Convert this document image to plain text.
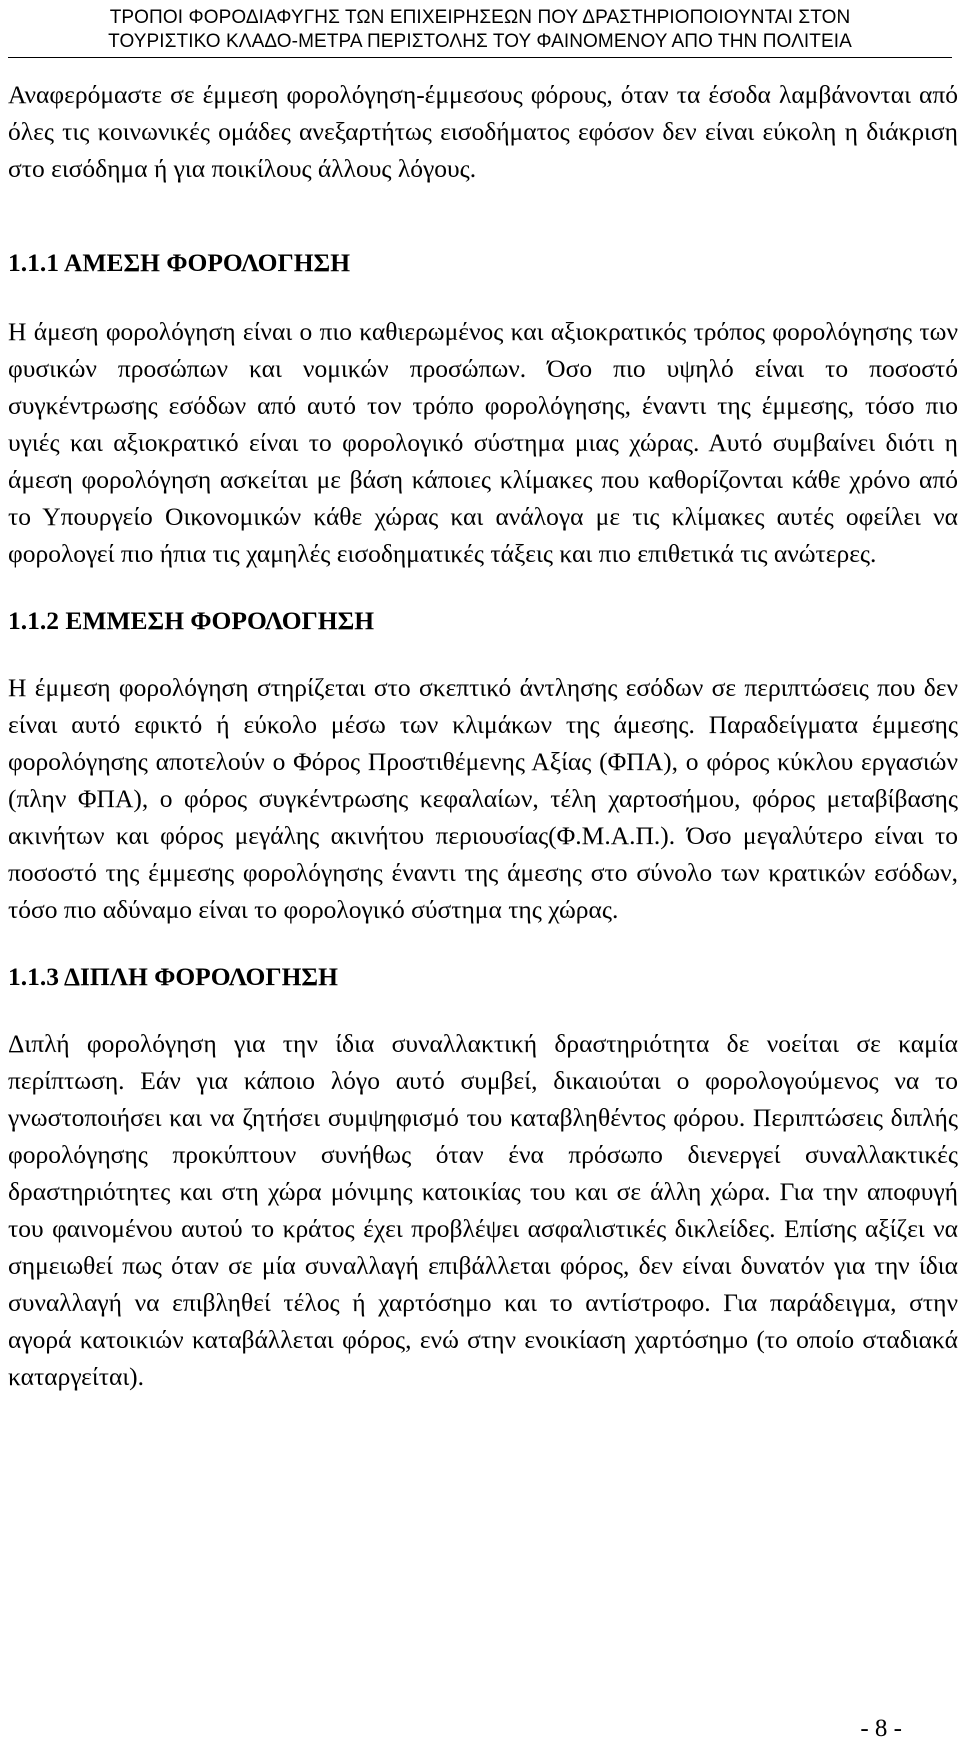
ΤΡΟΠΟΙ ΦΟΡΟΔΙΑΦΥΓΗΣ ΤΩΝ ΕΠΙΧΕΙΡΗΣΕΩΝ ΠΟΥ ΔΡΑΣΤΗΡΙΟΠΟΙΟΥΝΤΑΙ ΣΤΟΝ
ΤΟΥΡΙΣΤΙΚΟ ΚΛΑΔΟ-ΜΕΤΡΑ ΠΕΡΙΣΤΟΛΗΣ ΤΟΥ ΦΑΙΝΟΜΕΝΟΥ ΑΠΟ ΤΗΝ ΠΟΛΙΤΕΙΑ

Αναφερόμαστε σε έμμεση φορολόγηση-έμμεσους φόρους, όταν τα έσοδα λαμβάνονται από όλες τις κοινωνικές ομάδες ανεξαρτήτως εισοδήματος εφόσον δεν είναι εύκολη η διάκριση στο εισόδημα ή για ποικίλους άλλους λόγους.

1.1.1 ΑΜΕΣΗ ΦΟΡΟΛΟΓΗΣΗ

Η άμεση φορολόγηση είναι ο πιο καθιερωμένος και αξιοκρατικός τρόπος φορολόγησης των φυσικών προσώπων και νομικών προσώπων. Όσο πιο υψηλό είναι το ποσοστό συγκέντρωσης εσόδων από αυτό τον τρόπο φορολόγησης, έναντι της έμμεσης, τόσο πιο υγιές και αξιοκρατικό είναι το φορολογικό σύστημα μιας χώρας. Αυτό συμβαίνει διότι η άμεση φορολόγηση ασκείται με βάση κάποιες κλίμακες που καθορίζονται κάθε χρόνο από το Υπουργείο Οικονομικών κάθε χώρας και ανάλογα με τις κλίμακες αυτές οφείλει να φορολογεί πιο ήπια τις χαμηλές εισοδηματικές τάξεις και πιο επιθετικά τις ανώτερες.

1.1.2 ΕΜΜΕΣΗ ΦΟΡΟΛΟΓΗΣΗ

Η έμμεση φορολόγηση στηρίζεται στο σκεπτικό άντλησης εσόδων σε περιπτώσεις που δεν είναι αυτό εφικτό ή εύκολο μέσω των κλιμάκων της άμεσης. Παραδείγματα έμμεσης φορολόγησης αποτελούν ο Φόρος Προστιθέμενης Αξίας (ΦΠΑ), ο φόρος κύκλου εργασιών (πλην ΦΠΑ), ο φόρος συγκέντρωσης κεφαλαίων, τέλη χαρτοσήμου, φόρος μεταβίβασης ακινήτων και φόρος μεγάλης ακινήτου περιουσίας(Φ.Μ.Α.Π.). Όσο μεγαλύτερο είναι το ποσοστό της έμμεσης φορολόγησης έναντι της άμεσης στο σύνολο των κρατικών εσόδων, τόσο πιο αδύναμο είναι το φορολογικό σύστημα της χώρας.

1.1.3 ΔΙΠΛΗ ΦΟΡΟΛΟΓΗΣΗ

Διπλή φορολόγηση για την ίδια συναλλακτική δραστηριότητα δε νοείται σε καμία περίπτωση. Εάν για κάποιο λόγο αυτό συμβεί, δικαιούται ο φορολογούμενος να το γνωστοποιήσει και να ζητήσει συμψηφισμό του καταβληθέντος φόρου. Περιπτώσεις διπλής φορολόγησης προκύπτουν συνήθως όταν ένα πρόσωπο διενεργεί συναλλακτικές δραστηριότητες και στη χώρα μόνιμης κατοικίας του και σε άλλη χώρα. Για την αποφυγή του φαινομένου αυτού το κράτος έχει προβλέψει ασφαλιστικές δικλείδες. Επίσης αξίζει να σημειωθεί πως όταν σε μία συναλλαγή επιβάλλεται φόρος, δεν είναι δυνατόν για την ίδια συναλλαγή να επιβληθεί τέλος ή χαρτόσημο και το αντίστροφο. Για παράδειγμα, στην αγορά κατοικιών καταβάλλεται φόρος, ενώ στην ενοικίαση χαρτόσημο (το οποίο σταδιακά καταργείται).

- 8 -
